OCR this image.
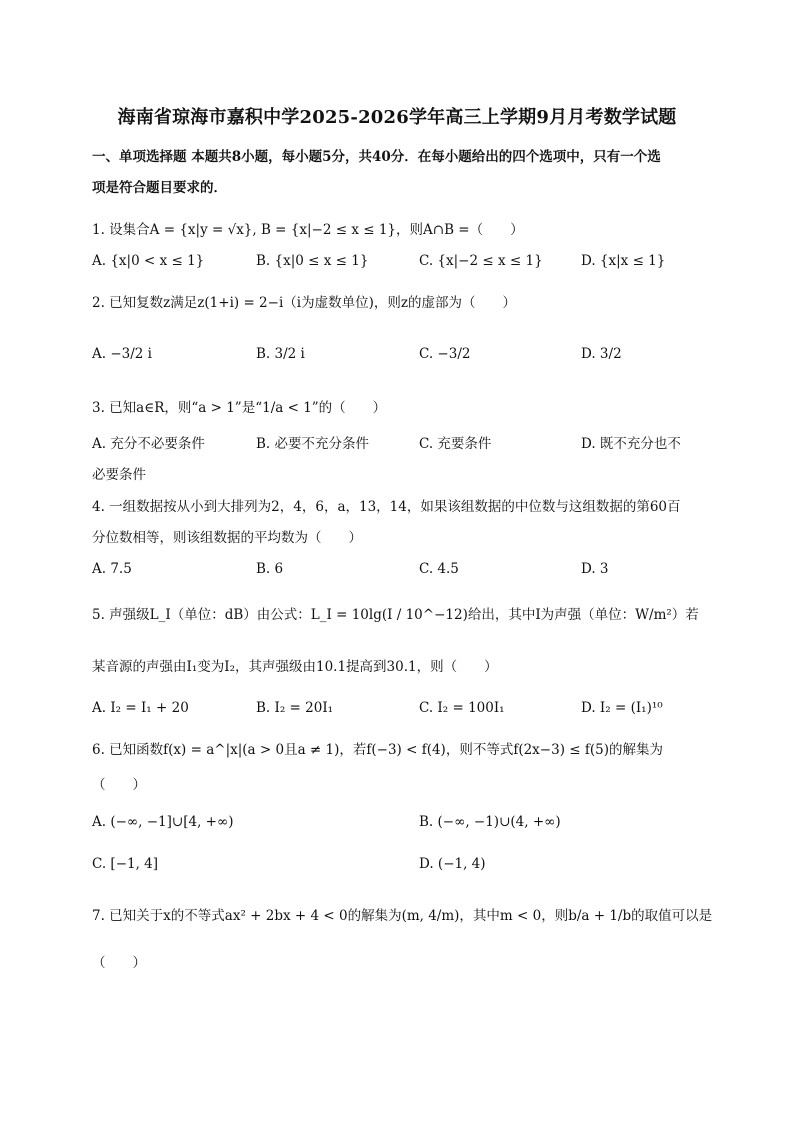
海南省琼海市嘉积中学2025-2026学年高三上学期9月月考数学试题
一、单项选择题 本题共8小题，每小题5分，共40分．在每小题给出的四个选项中，只有一个选
项是符合题目要求的．
1. 设集合A = {x|y = √x}, B = {x|−2 ≤ x ≤ 1}，则A∩B =（　　）
A. {x|0 < x ≤ 1}	B. {x|0 ≤ x ≤ 1}	C. {x|−2 ≤ x ≤ 1}	D. {x|x ≤ 1}
2. 已知复数z满足z(1+i) = 2−i（i为虚数单位)，则z的虚部为（　　）
A. −3/2 i	B. 3/2 i	C. −3/2	D. 3/2
3. 已知a∈R，则“a > 1”是“1/a < 1”的（　　）
A. 充分不必要条件	B. 必要不充分条件	C. 充要条件	D. 既不充分也不
必要条件
4. 一组数据按从小到大排列为2，4，6，a，13，14，如果该组数据的中位数与这组数据的第60百
分位数相等，则该组数据的平均数为（　　）
A. 7.5	B. 6	C. 4.5	D. 3
5. 声强级L_I（单位：dB）由公式：L_I = 10lg(I / 10^−12)给出，其中I为声强（单位：W/m²）若
某音源的声强由I₁变为I₂，其声强级由10.1提高到30.1，则（　　）
A. I₂ = I₁ + 20	B. I₂ = 20I₁	C. I₂ = 100I₁	D. I₂ = (I₁)¹⁰
6. 已知函数f(x) = a^|x|(a > 0且a ≠ 1)，若f(−3) < f(4)，则不等式f(2x−3) ≤ f(5)的解集为
（　　）
A. (−∞, −1]∪[4, +∞)	B. (−∞, −1)∪(4, +∞)
C. [−1, 4]	D. (−1, 4)
7. 已知关于x的不等式ax² + 2bx + 4 < 0的解集为(m, 4/m)，其中m < 0，则b/a + 1/b的取值可以是
（　　）
